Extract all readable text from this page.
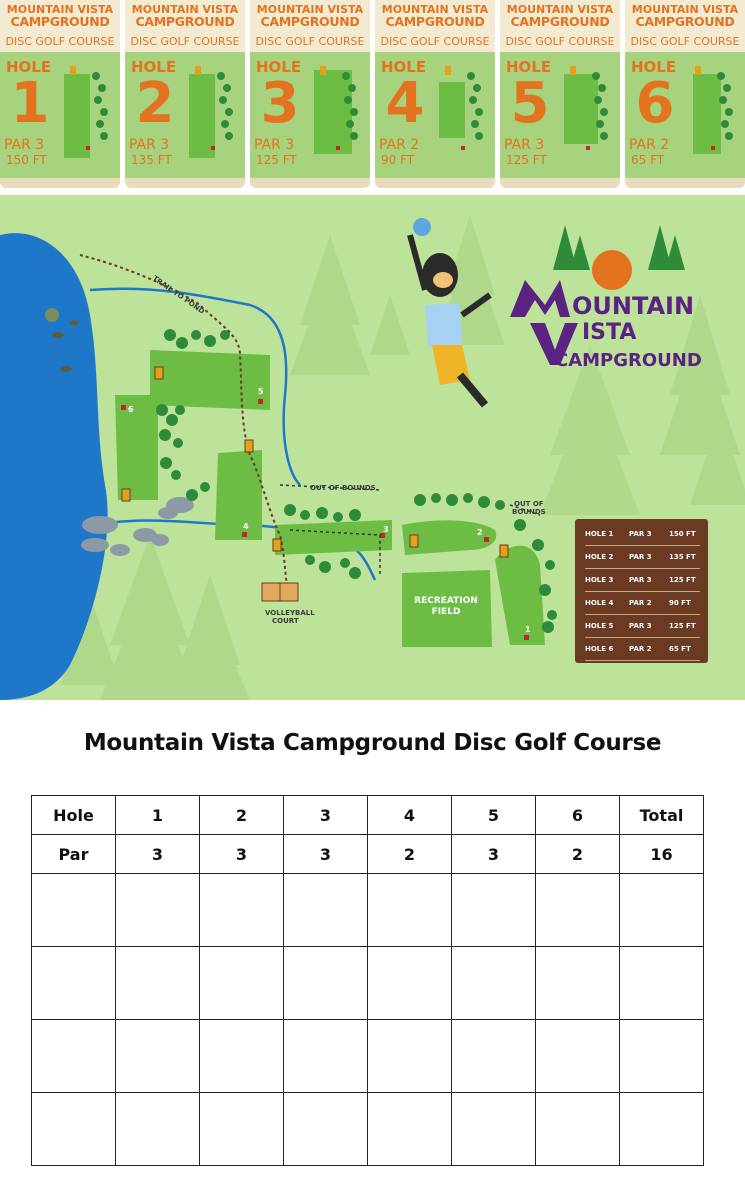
MOUNTAIN VISTA
CAMPGROUND
DISC GOLF COURSE
HOLE
1
PAR 3
150 FT
MOUNTAIN VISTA
CAMPGROUND
DISC GOLF COURSE
HOLE
2
PAR 3
135 FT
MOUNTAIN VISTA
CAMPGROUND
DISC GOLF COURSE
HOLE
3
PAR 3
125 FT
MOUNTAIN VISTA
CAMPGROUND
DISC GOLF COURSE
HOLE
4
PAR 2
90 FT
MOUNTAIN VISTA
CAMPGROUND
DISC GOLF COURSE
HOLE
5
PAR 3
125 FT
MOUNTAIN VISTA
CAMPGROUND
DISC GOLF COURSE
HOLE
6
PAR 2
65 FT
OUNTAIN
ISTA
CAMPGROUND
TRAIL TO POND
OUT OF BOUNDS
OUT OF
BOUNDS
VOLLEYBALL
COURT
RECREATION
FIELD
1
2
3
4
5
6
HOLE 1 PAR 3 150 FT
HOLE 2 PAR 3 135 FT
HOLE 3 PAR 3 125 FT
HOLE 4 PAR 2 90 FT
HOLE 5 PAR 3 125 FT
HOLE 6 PAR 2 65 FT
Mountain Vista Campground Disc Golf Course
Hole	1	2	3	4	5	6	Total
Par	3	3	3	2	3	2	16
